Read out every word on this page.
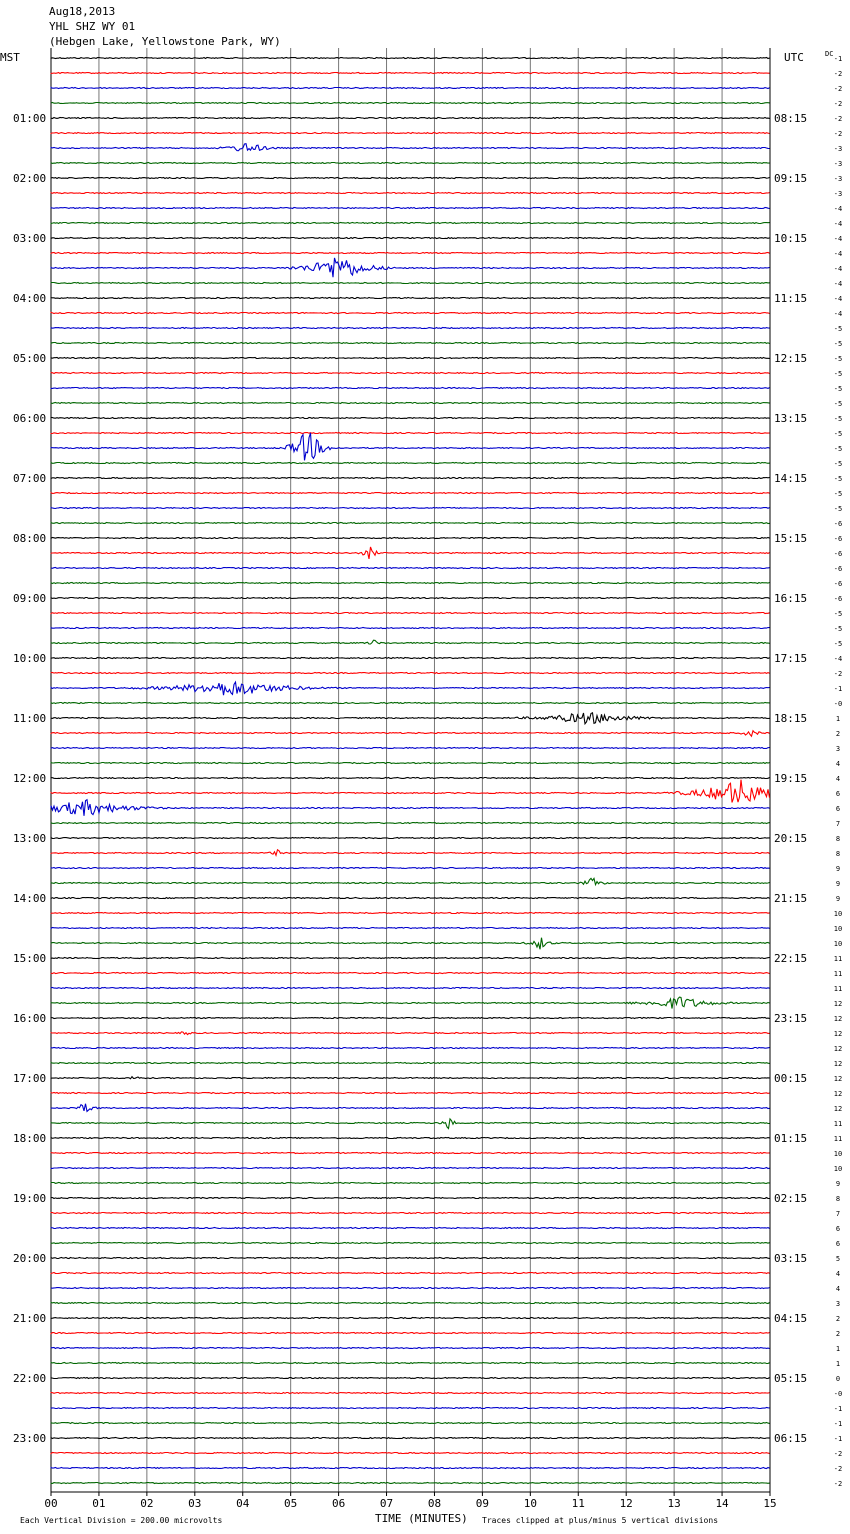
Aug18,2013
YHL SHZ WY 01
(Hebgen Lake, Yellowstone Park, WY)
MST	UTC	DC
-1
-2
-2
-2
-2
-2
-3
-3
-3
-3
-4
-4
-4
-4
-4
-4
-4
-4
-5
-5
-5
-5
-5
-5
-5
-5
-5
-5
-5
-5
-5
-6
-6
-6
-6
-6
-6
-5
-5
-5
-4
-2
-1
-0
1
2
3
4
4
6
6
7
8
8
9
9
9
10
10
10
11
11
11
12
12
12
12
12
12
12
12
11
11
10
10
9
8
7
6
6
5
4
4
3
2
2
1
1
0
-0
-1
-1
-1
-2
-2
-2
01:00	08:15
02:00	09:15
03:00	10:15
04:00	11:15
05:00	12:15
06:00	13:15
07:00	14:15
08:00	15:15
09:00	16:15
10:00	17:15
11:00	18:15
12:00	19:15
13:00	20:15
14:00	21:15
15:00	22:15
16:00	23:15
17:00	00:15
18:00	01:15
19:00	02:15
20:00	03:15
21:00	04:15
22:00	05:15
23:00	06:15
00	01	02	03	04	05	06	07	08	09	10	11	12	13	14	15
TIME (MINUTES)
Each Vertical Division = 200.00 microvolts	Traces clipped at plus/minus 5 vertical divisions
